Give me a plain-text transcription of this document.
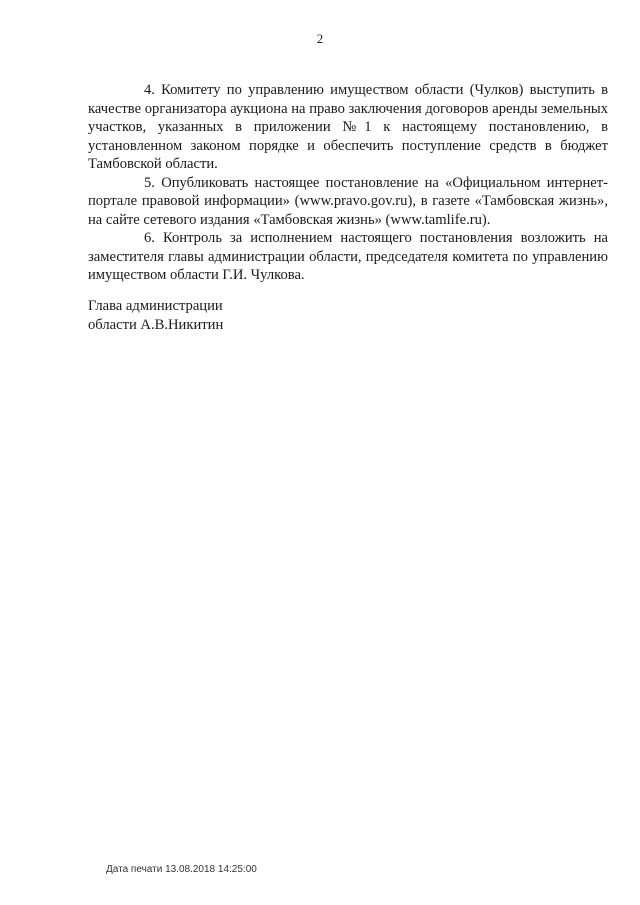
2

4. Комитету по управлению имуществом области (Чулков) выступить в качестве организатора аукциона на право заключения договоров аренды земельных участков, указанных в приложении №1 к настоящему постановлению, в установленном законом порядке и обеспечить поступление средств в бюджет Тамбовской области.

5. Опубликовать настоящее постановление на «Официальном интернет-портале правовой информации» (www.pravo.gov.ru), в газете «Тамбовская жизнь», на сайте сетевого издания «Тамбовская жизнь» (www.tamlife.ru).

6. Контроль за исполнением настоящего постановления возложить на заместителя главы администрации области, председателя комитета по управлению имуществом области Г.И. Чулкова.

Глава администрации
области А.В.Никитин
Дата печати 13.08.2018 14:25:00
